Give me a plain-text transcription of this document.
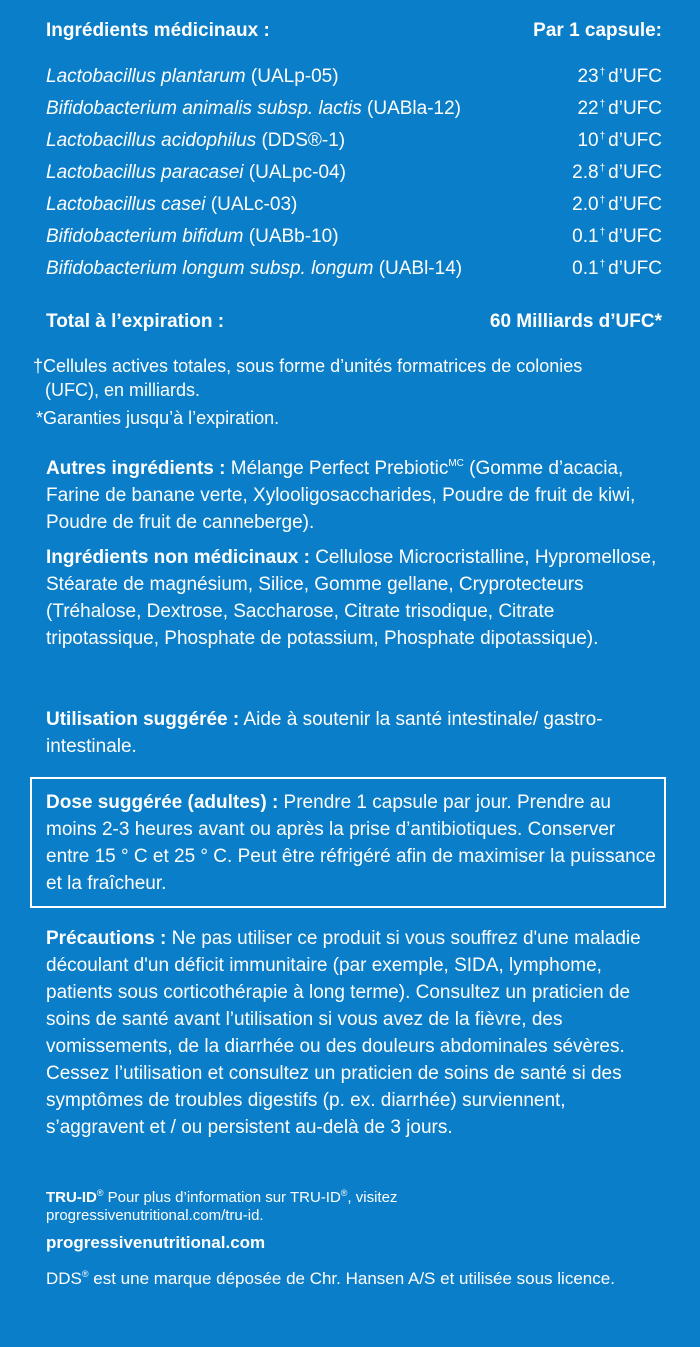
Ingrédients médicinaux :	Par 1 capsule:
Lactobacillus plantarum (UALp-05)	23† d’UFC
Bifidobacterium animalis subsp. lactis (UABla-12)	22† d’UFC
Lactobacillus acidophilus (DDS®-1)	10† d’UFC
Lactobacillus paracasei (UALpc-04)	2.8† d’UFC
Lactobacillus casei (UALc-03)	2.0† d’UFC
Bifidobacterium bifidum (UABb-10)	0.1† d’UFC
Bifidobacterium longum subsp. longum (UABl-14)	0.1† d’UFC
Total à l’expiration :	60 Milliards d’UFC*
†Cellules actives totales, sous forme d’unités formatrices de colonies
(UFC), en milliards.
*Garanties jusqu’à l’expiration.
Autres ingrédients : Mélange Perfect Prebiotic$^{MC}$ (Gomme d’acacia, Farine de banane verte, Xylooligosaccharides, Poudre de fruit de kiwi, Poudre de fruit de canneberge).
Ingrédients non médicinaux : Cellulose Microcristalline, Hypromellose, Stéarate de magnésium, Silice, Gomme gellane, Cryprotecteurs (Tréhalose, Dextrose, Saccharose, Citrate trisodique, Citrate tripotassique, Phosphate de potassium, Phosphate dipotassique).
Utilisation suggérée : Aide à soutenir la santé intestinale/ gastro-intestinale.
Dose suggérée (adultes) : Prendre 1 capsule par jour. Prendre au moins 2-3 heures avant ou après la prise d’antibiotiques. Conserver entre 15 ° C et 25 ° C. Peut être réfrigéré afin de maximiser la puissance et la fraîcheur.
Précautions : Ne pas utiliser ce produit si vous souffrez d'une maladie découlant d'un déficit immunitaire (par exemple, SIDA, lymphome, patients sous corticothérapie à long terme). Consultez un praticien de soins de santé avant l’utilisation si vous avez de la fièvre, des vomissements, de la diarrhée ou des douleurs abdominales sévères. Cessez l’utilisation et consultez un praticien de soins de santé si des symptômes de troubles digestifs (p. ex. diarrhée) surviennent, s’aggravent et / ou persistent au-delà de 3 jours.
TRU-ID® Pour plus d’information sur TRU-ID®, visitez
progressivenutritional.com/tru-id.
progressivenutritional.com
DDS® est une marque déposée de Chr. Hansen A/S et utilisée sous licence.
